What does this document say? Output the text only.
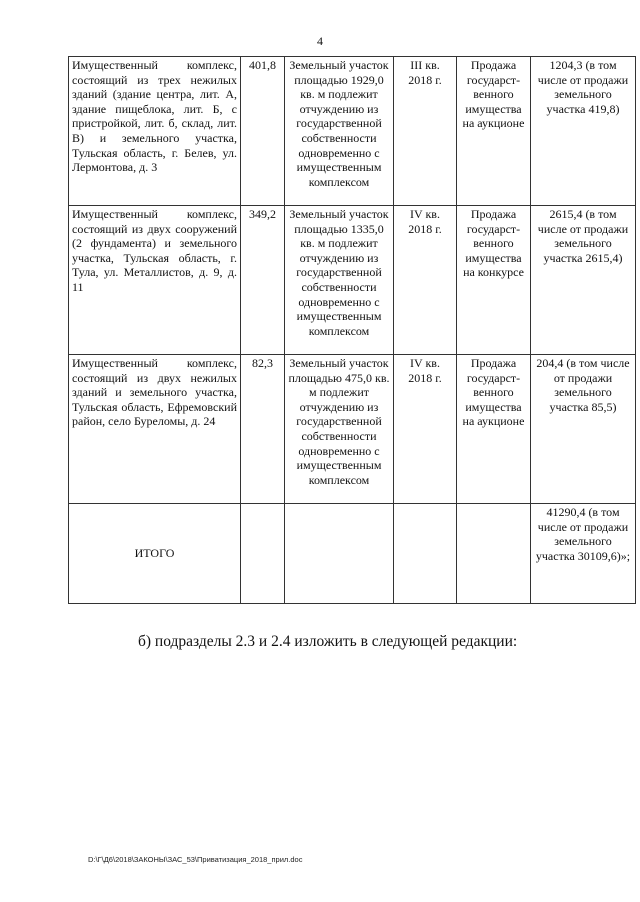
4
Имущественный комплекс, состоящий из трех нежилых зданий (здание центра, лит. А, здание пищеблока, лит. Б, с пристройкой, лит. б, склад, лит. В) и земельного участка, Тульская область, г. Белев, ул. Лермонтова, д. 3	401,8	Земельный участок площадью 1929,0 кв. м подлежит отчуждению из государственной собственности одновременно с имущественным комплексом	III кв. 2018 г.	Продажа государст-венного имущества на аукционе	1204,3 (в том числе от продажи земельного участка 419,8)
Имущественный комплекс, состоящий из двух сооружений (2 фундамента) и земельного участка, Тульская область, г. Тула, ул. Металлистов, д. 9, д. 11	349,2	Земельный участок площадью 1335,0 кв. м подлежит отчуждению из государственной собственности одновременно с имущественным комплексом	IV кв. 2018 г.	Продажа государст-венного имущества на конкурсе	2615,4 (в том числе от продажи земельного участка 2615,4)
Имущественный комплекс, состоящий из двух нежилых зданий и земельного участка, Тульская область, Ефремовский район, село Буреломы, д. 24	82,3	Земельный участок площадью 475,0 кв. м подлежит отчуждению из государственной собственности одновременно с имущественным комплексом	IV кв. 2018 г.	Продажа государст-венного имущества на аукционе	204,4 (в том числе от продажи земельного участка 85,5)
ИТОГО					41290,4 (в том числе от продажи земельного участка 30109,6)»;
б) подразделы 2.3 и 2.4 изложить в следующей редакции:
D:\Г\Д6\2018\ЗАКОНЫ\ЗАС_53\Приватизация_2018_прил.doc
